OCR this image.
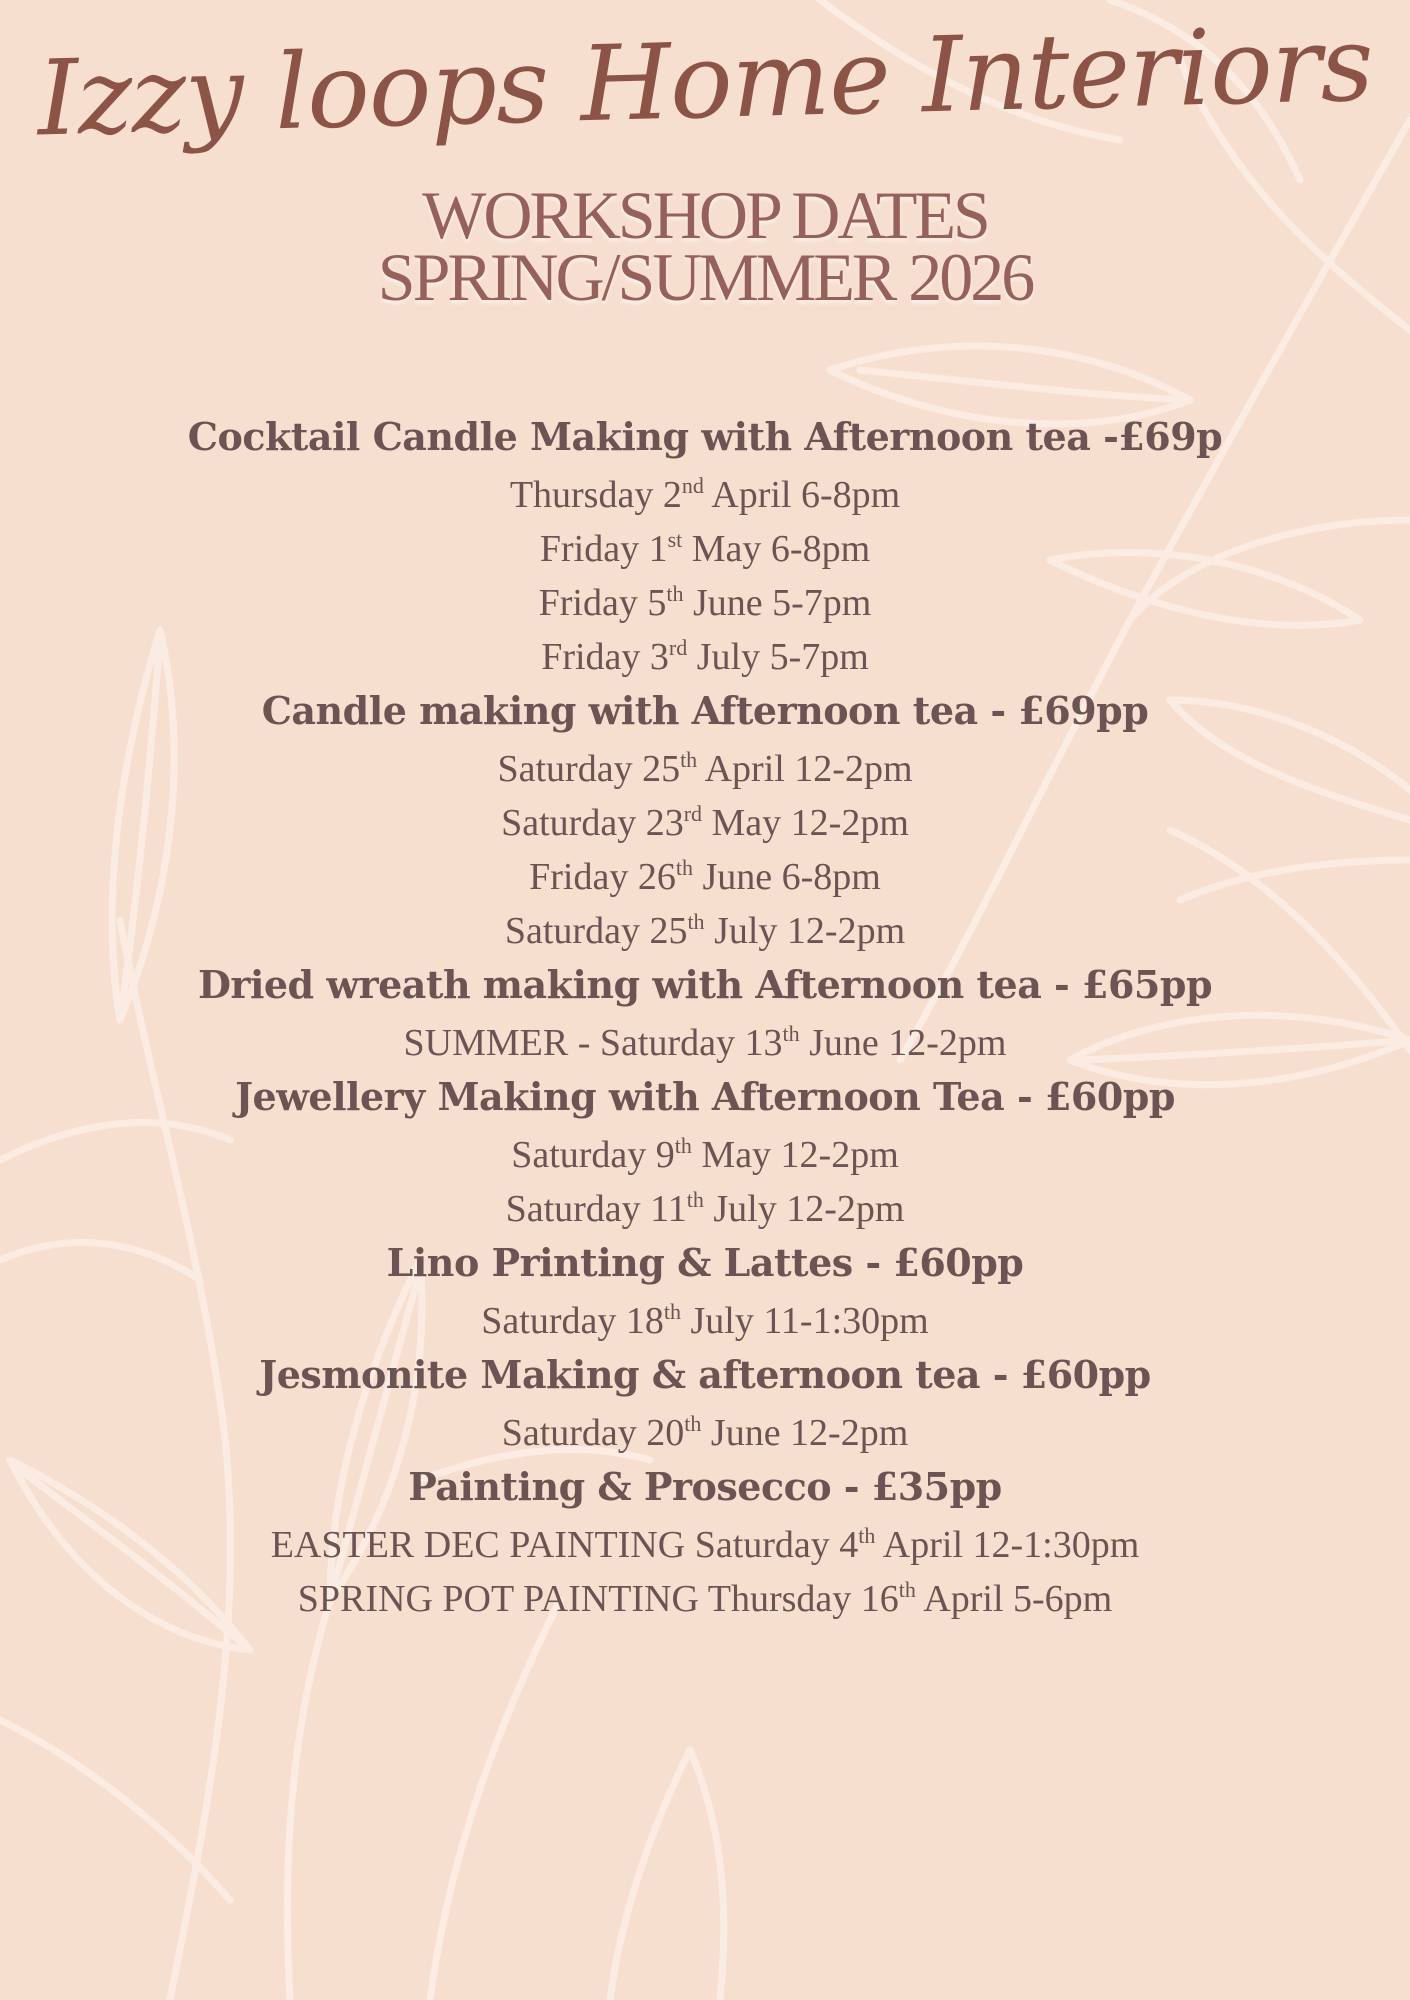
Izzy loops Home Interiors
WORKSHOP DATES
SPRING/SUMMER 2026
Cocktail Candle Making with Afternoon tea -£69p
Thursday 2nd April 6-8pm
Friday 1st May 6-8pm
Friday 5th June 5-7pm
Friday 3rd July 5-7pm
Candle making with Afternoon tea - £69pp
Saturday 25th April 12-2pm
Saturday 23rd May 12-2pm
Friday 26th June 6-8pm
Saturday 25th July 12-2pm
Dried wreath making with Afternoon tea - £65pp
SUMMER - Saturday 13th June 12-2pm
Jewellery Making with Afternoon Tea - £60pp
Saturday 9th May 12-2pm
Saturday 11th July 12-2pm
Lino Printing & Lattes - £60pp
Saturday 18th July 11-1:30pm
Jesmonite Making & afternoon tea - £60pp
Saturday 20th June 12-2pm
Painting & Prosecco - £35pp
EASTER DEC PAINTING Saturday 4th April 12-1:30pm
SPRING POT PAINTING Thursday 16th April 5-6pm
